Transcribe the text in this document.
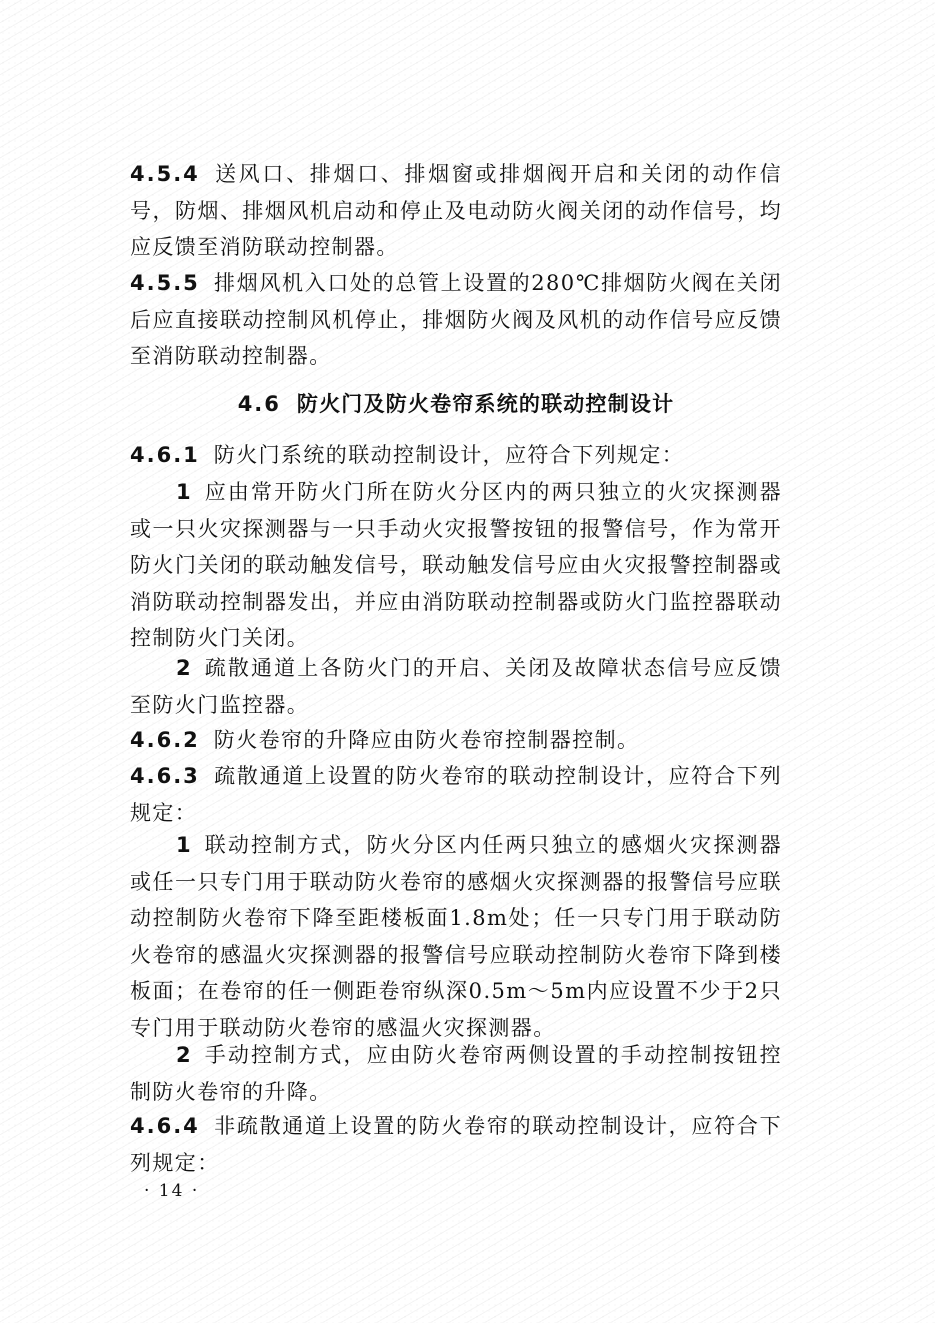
4.5.4 送风口、排烟口、排烟窗或排烟阀开启和关闭的动作信号，防烟、排烟风机启动和停止及电动防火阀关闭的动作信号，均应反馈至消防联动控制器。

4.5.5 排烟风机入口处的总管上设置的280℃排烟防火阀在关闭后应直接联动控制风机停止，排烟防火阀及风机的动作信号应反馈至消防联动控制器。

4.6 防火门及防火卷帘系统的联动控制设计

4.6.1 防火门系统的联动控制设计，应符合下列规定：

1 应由常开防火门所在防火分区内的两只独立的火灾探测器或一只火灾探测器与一只手动火灾报警按钮的报警信号，作为常开防火门关闭的联动触发信号，联动触发信号应由火灾报警控制器或消防联动控制器发出，并应由消防联动控制器或防火门监控器联动控制防火门关闭。

2 疏散通道上各防火门的开启、关闭及故障状态信号应反馈至防火门监控器。

4.6.2 防火卷帘的升降应由防火卷帘控制器控制。

4.6.3 疏散通道上设置的防火卷帘的联动控制设计，应符合下列规定：

1 联动控制方式，防火分区内任两只独立的感烟火灾探测器或任一只专门用于联动防火卷帘的感烟火灾探测器的报警信号应联动控制防火卷帘下降至距楼板面1.8m处；任一只专门用于联动防火卷帘的感温火灾探测器的报警信号应联动控制防火卷帘下降到楼板面；在卷帘的任一侧距卷帘纵深0.5m～5m内应设置不少于2只专门用于联动防火卷帘的感温火灾探测器。

2 手动控制方式，应由防火卷帘两侧设置的手动控制按钮控制防火卷帘的升降。

4.6.4 非疏散通道上设置的防火卷帘的联动控制设计，应符合下列规定：

· 14 ·
